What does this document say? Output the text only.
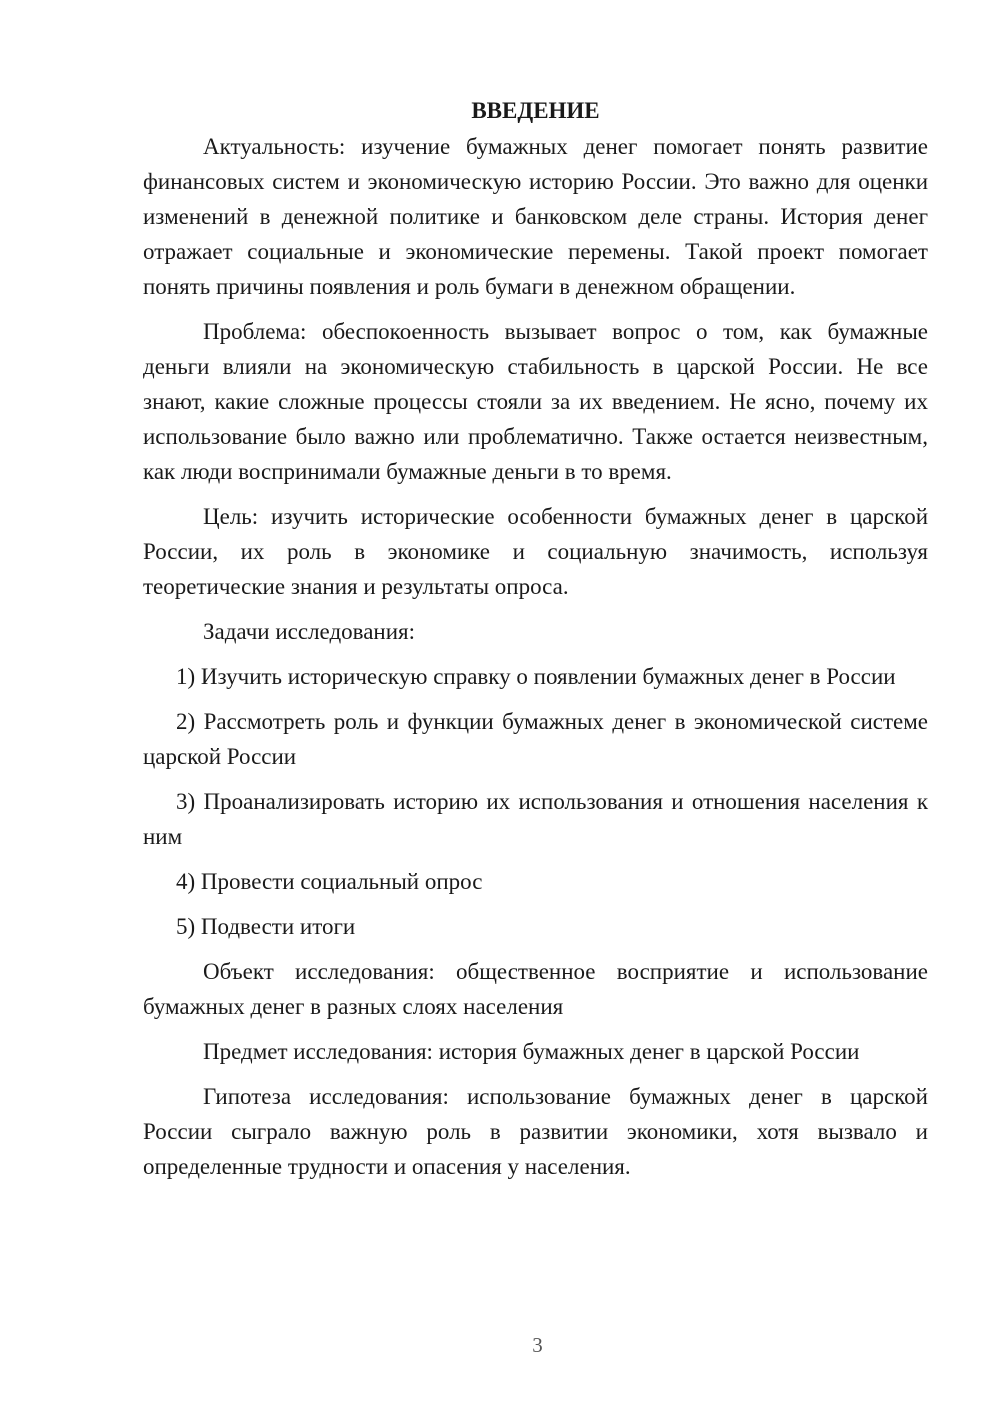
ВВЕДЕНИЕ

Актуальность: изучение бумажных денег помогает понять развитие финансовых систем и экономическую историю России. Это важно для оценки изменений в денежной политике и банковском деле страны. История денег отражает социальные и экономические перемены. Такой проект помогает понять причины появления и роль бумаги в денежном обращении.

Проблема: обеспокоенность вызывает вопрос о том, как бумажные деньги влияли на экономическую стабильность в царской России. Не все знают, какие сложные процессы стояли за их введением. Не ясно, почему их использование было важно или проблематично. Также остается неизвестным, как люди воспринимали бумажные деньги в то время.

Цель: изучить исторические особенности бумажных денег в царской России, их роль в экономике и социальную значимость, используя теоретические знания и результаты опроса.

Задачи исследования:

1) Изучить историческую справку о появлении бумажных денег в России

2) Рассмотреть роль и функции бумажных денег в экономической системе царской России

3) Проанализировать историю их использования и отношения населения к ним

4) Провести социальный опрос

5) Подвести итоги

Объект исследования: общественное восприятие и использование бумажных денег в разных слоях населения

Предмет исследования: история бумажных денег в царской России

Гипотеза исследования: использование бумажных денег в царской России сыграло важную роль в развитии экономики, хотя вызвало и определенные трудности и опасения у населения.

3
